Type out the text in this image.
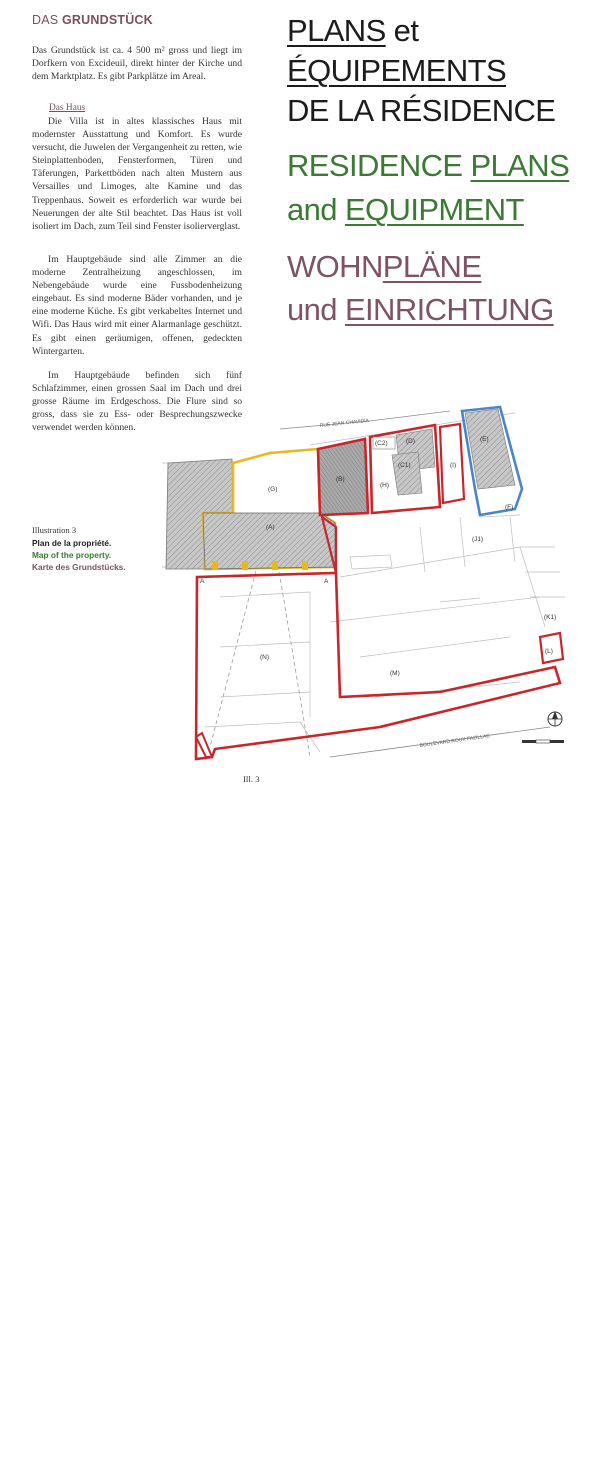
DAS GRUNDSTÜCK

Das Grundstück ist ca. 4 500 m² gross und liegt im Dorfkern von Excideuil, direkt hinter der Kirche und dem Marktplatz. Es gibt Parkplätze im Areal.

Das Haus

Die Villa ist in altes klassisches Haus mit modernster Ausstattung und Komfort. Es wurde versucht, die Juwelen der Vergangenheit zu retten, wie Steinplattenboden, Fensterformen, Türen und Täferungen, Parkettböden nach alten Mustern aus Versailles und Limoges, alte Kamine und das Treppenhaus. Soweit es erforderlich war wurde bei Neuerungen der alte Stil beachtet. Das Haus ist voll isoliert im Dach, zum Teil sind Fenster isolierverglast.

Im Hauptgebäude sind alle Zimmer an die moderne Zentralheizung angeschlossen, im Nebengebäude wurde eine Fussbodenheizung eingebaut. Es sind moderne Bäder vorhanden, und je eine moderne Küche. Es gibt verkabeltes Internet und Wifi. Das Haus wird mit einer Alarmanlage geschützt. Es gibt einen geräumigen, offenen, gedeckten Wintergarten.

Im Hauptgebäude befinden sich fünf Schlafzimmer, einen grossen Saal im Dach und drei grosse Räume im Erdgeschoss. Die Flure sind so gross, dass sie zu Ess- oder Besprechungszwecke verwendet werden können.

PLANS et
ÉQUIPEMENTS
DE LA RÉSIDENCE
RESIDENCE PLANS
and EQUIPMENT
WOHNPLÄNE
und EINRICHTUNG
Illustration 3
Plan de la propriété.
Map of the property.
Karte des Grundstücks.
Ill. 3
RUE JEAN CHAVIDIA
BOULEVARD ROUX FAZILLAC
(A)
(B)
(C2)	(D)
(C1)
(H)
(I)
(E)
(F)
(G)
(J1)
(K1)
(L)
(M)
(N)
A	A
